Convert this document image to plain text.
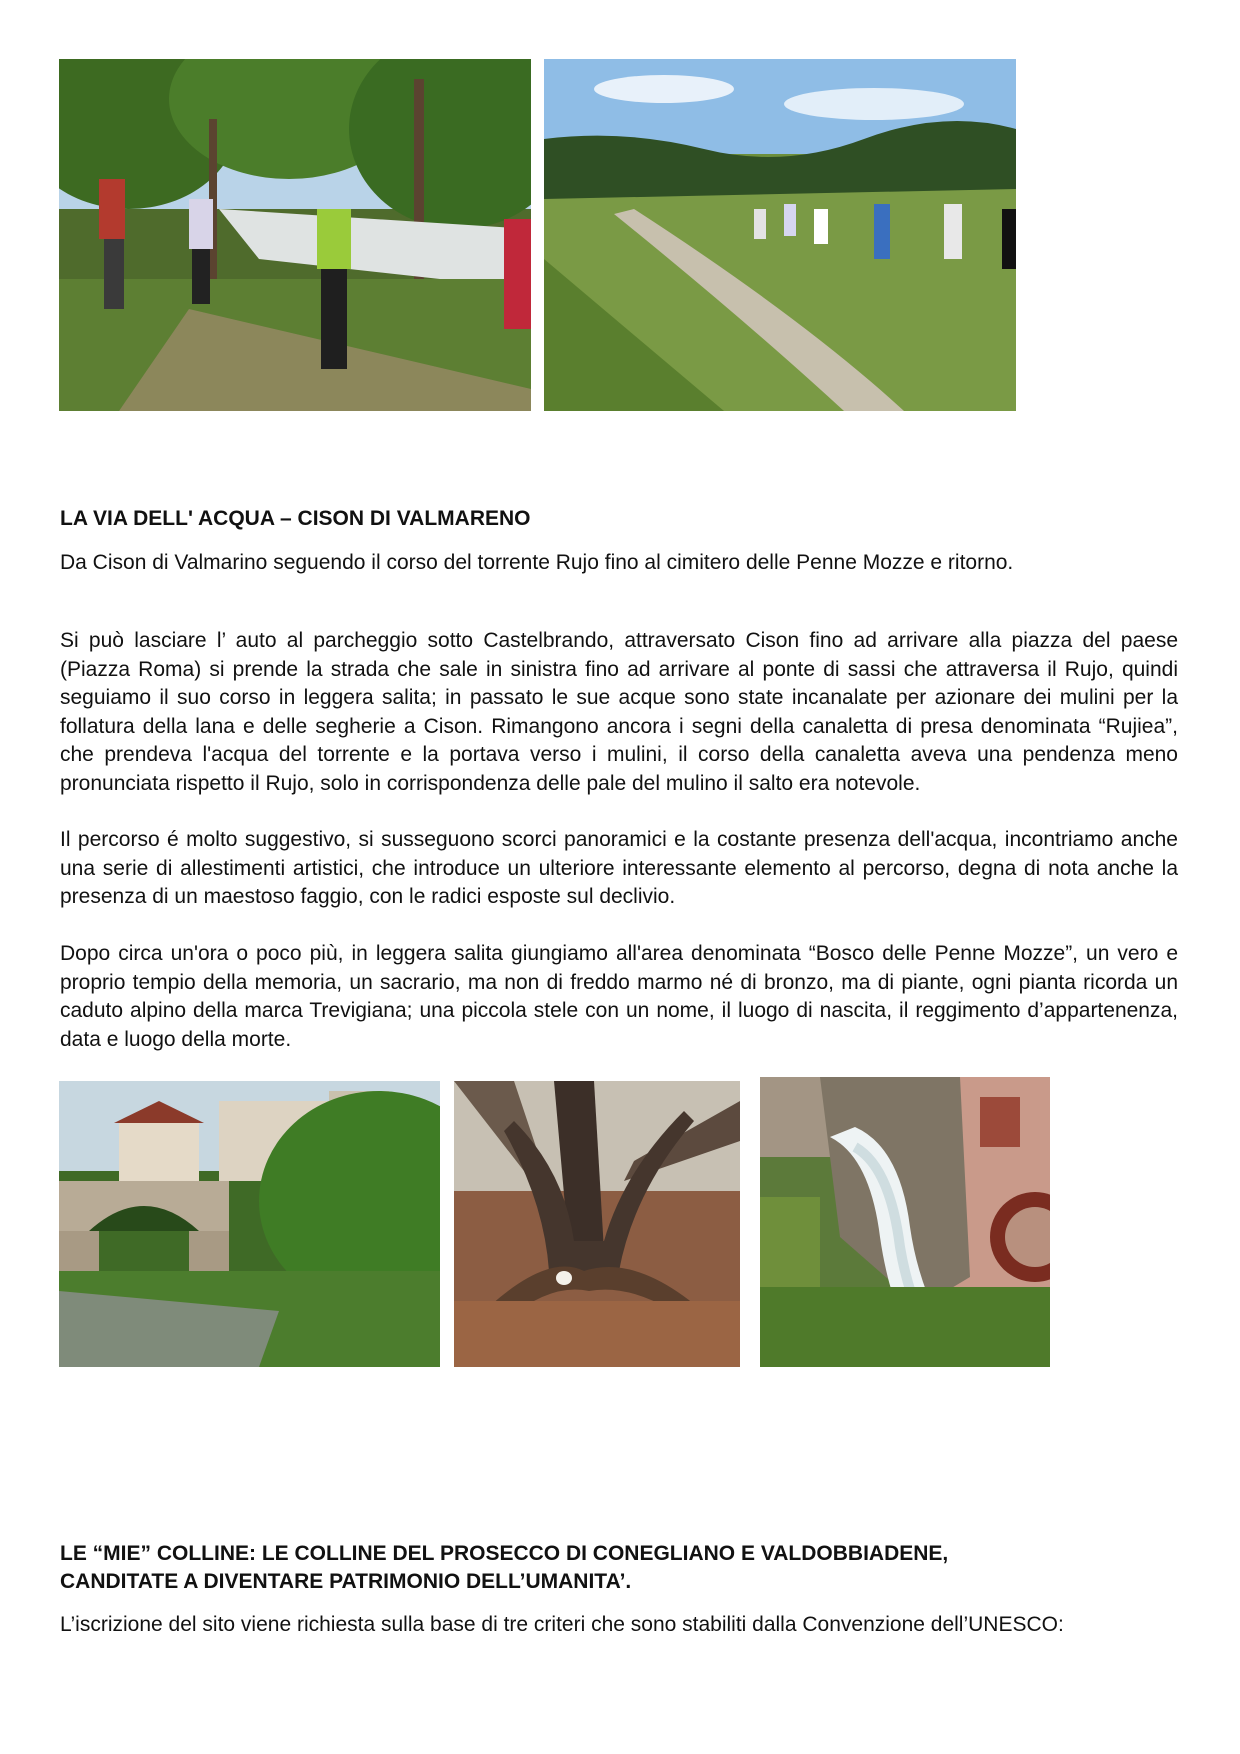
LA VIA DELL' ACQUA – CISON DI VALMARENO

Da Cison di Valmarino seguendo il corso del torrente Rujo fino al cimitero delle Penne Mozze e ritorno.

Si può lasciare l’ auto al parcheggio sotto Castelbrando, attraversato Cison fino ad arrivare alla piazza del paese (Piazza Roma) si prende la strada che sale in sinistra fino ad arrivare al ponte di sassi che attraversa il Rujo, quindi seguiamo il suo corso in leggera salita; in passato le sue acque sono state incanalate per azionare dei mulini per la follatura della lana e delle segherie a Cison. Rimangono ancora i segni della canaletta di presa denominata “Rujiea”, che prendeva l'acqua del torrente e la portava verso i mulini, il corso della canaletta aveva una pendenza meno pronunciata rispetto il Rujo, solo in corrispondenza delle pale del mulino il salto era notevole.

Il percorso é molto suggestivo, si susseguono scorci panoramici e la costante presenza dell'acqua, incontriamo anche una serie di allestimenti artistici, che introduce un ulteriore interessante elemento al percorso, degna di nota anche la presenza di un maestoso faggio, con le radici esposte sul declivio.

Dopo circa un'ora o poco più, in leggera salita giungiamo all'area denominata “Bosco delle Penne Mozze”, un vero e proprio tempio della memoria, un sacrario, ma non di freddo marmo né di bronzo, ma di piante, ogni pianta ricorda un caduto alpino della marca Trevigiana; una piccola stele con un nome, il luogo di nascita, il reggimento d’appartenenza, data e luogo della morte.

LE “MIE” COLLINE: LE COLLINE DEL PROSECCO DI CONEGLIANO E VALDOBBIADENE,
CANDITATE A DIVENTARE PATRIMONIO DELL’UMANITA’.

L’iscrizione del sito viene richiesta sulla base di tre criteri che sono stabiliti dalla Convenzione dell’UNESCO:
